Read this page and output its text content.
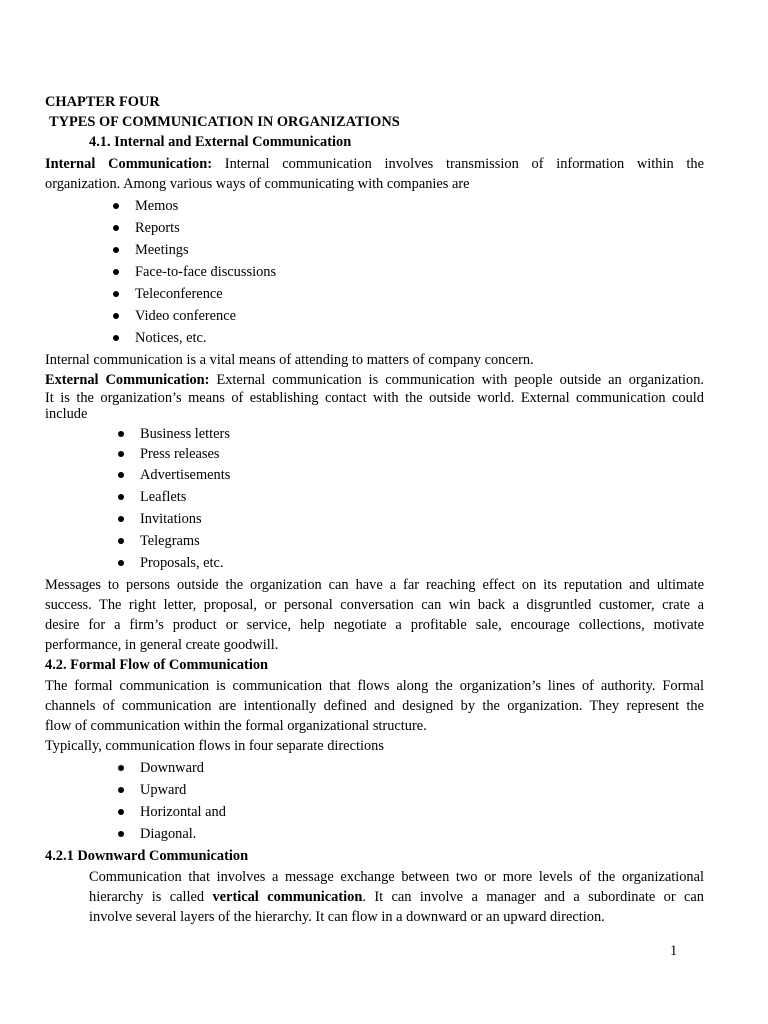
CHAPTER FOUR
TYPES OF COMMUNICATION IN ORGANIZATIONS
4.1. Internal and External Communication
Internal Communication: Internal communication involves transmission of information within the
organization. Among various ways of communicating with companies are
Memos
Reports
Meetings
Face-to-face discussions
Teleconference
Video conference
Notices, etc.
Internal communication is a vital means of attending to matters of company concern.
External Communication: External communication is communication with people outside an organization.
It is the organization’s means of establishing contact with the outside world. External communication could
include
Business letters
Press releases
Advertisements
Leaflets
Invitations
Telegrams
Proposals, etc.
Messages to persons outside the organization can have a far reaching effect on its reputation and ultimate
success. The right letter, proposal, or personal conversation can win back a disgruntled customer, crate a
desire for a firm’s product or service, help negotiate a profitable sale, encourage collections, motivate
performance, in general create goodwill.
4.2. Formal Flow of Communication
The formal communication is communication that flows along the organization’s lines of authority. Formal
channels of communication are intentionally defined and designed by the organization. They represent the
flow of communication within the formal organizational structure.
Typically, communication flows in four separate directions
Downward
Upward
Horizontal and
Diagonal.
4.2.1 Downward Communication
Communication that involves a message exchange between two or more levels of the organizational
hierarchy is called vertical communication. It can involve a manager and a subordinate or can
involve several layers of the hierarchy. It can flow in a downward or an upward direction.
1
